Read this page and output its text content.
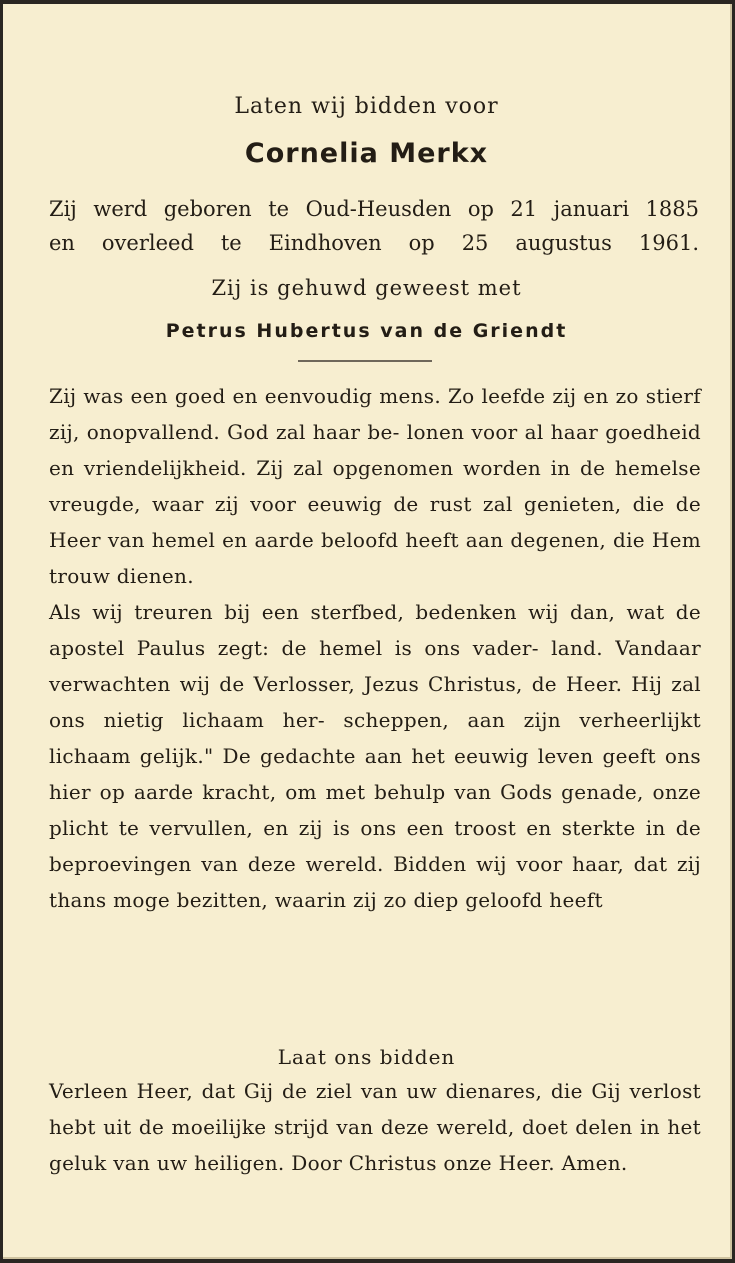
Laten wij bidden voor
Cornelia Merkx
Zij werd geboren te Oud-Heusden op 21 januari 1885
en overleed te Eindhoven op 25 augustus 1961.
Zij is gehuwd geweest met
Petrus Hubertus van de Griendt

Zij was een goed en eenvoudig mens. Zo leefde zij en zo stierf zij, onopvallend. God zal haar be- lonen voor al haar goedheid en vriendelijkheid. Zij zal opgenomen worden in de hemelse vreugde, waar zij voor eeuwig de rust zal genieten, die de Heer van hemel en aarde beloofd heeft aan degenen, die Hem trouw dienen.

Als wij treuren bij een sterfbed, bedenken wij dan, wat de apostel Paulus zegt: de hemel is ons vader- land. Vandaar verwachten wij de Verlosser, Jezus Christus, de Heer. Hij zal ons nietig lichaam her- scheppen, aan zijn verheerlijkt lichaam gelijk." De gedachte aan het eeuwig leven geeft ons hier op aarde kracht, om met behulp van Gods genade, onze plicht te vervullen, en zij is ons een troost en sterkte in de beproevingen van deze wereld. Bidden wij voor haar, dat zij thans moge bezitten, waarin zij zo diep geloofd heeft

Laat ons bidden

Verleen Heer, dat Gij de ziel van uw dienares, die Gij verlost hebt uit de moeilijke strijd van deze wereld, doet delen in het geluk van uw heiligen. Door Christus onze Heer. Amen.
